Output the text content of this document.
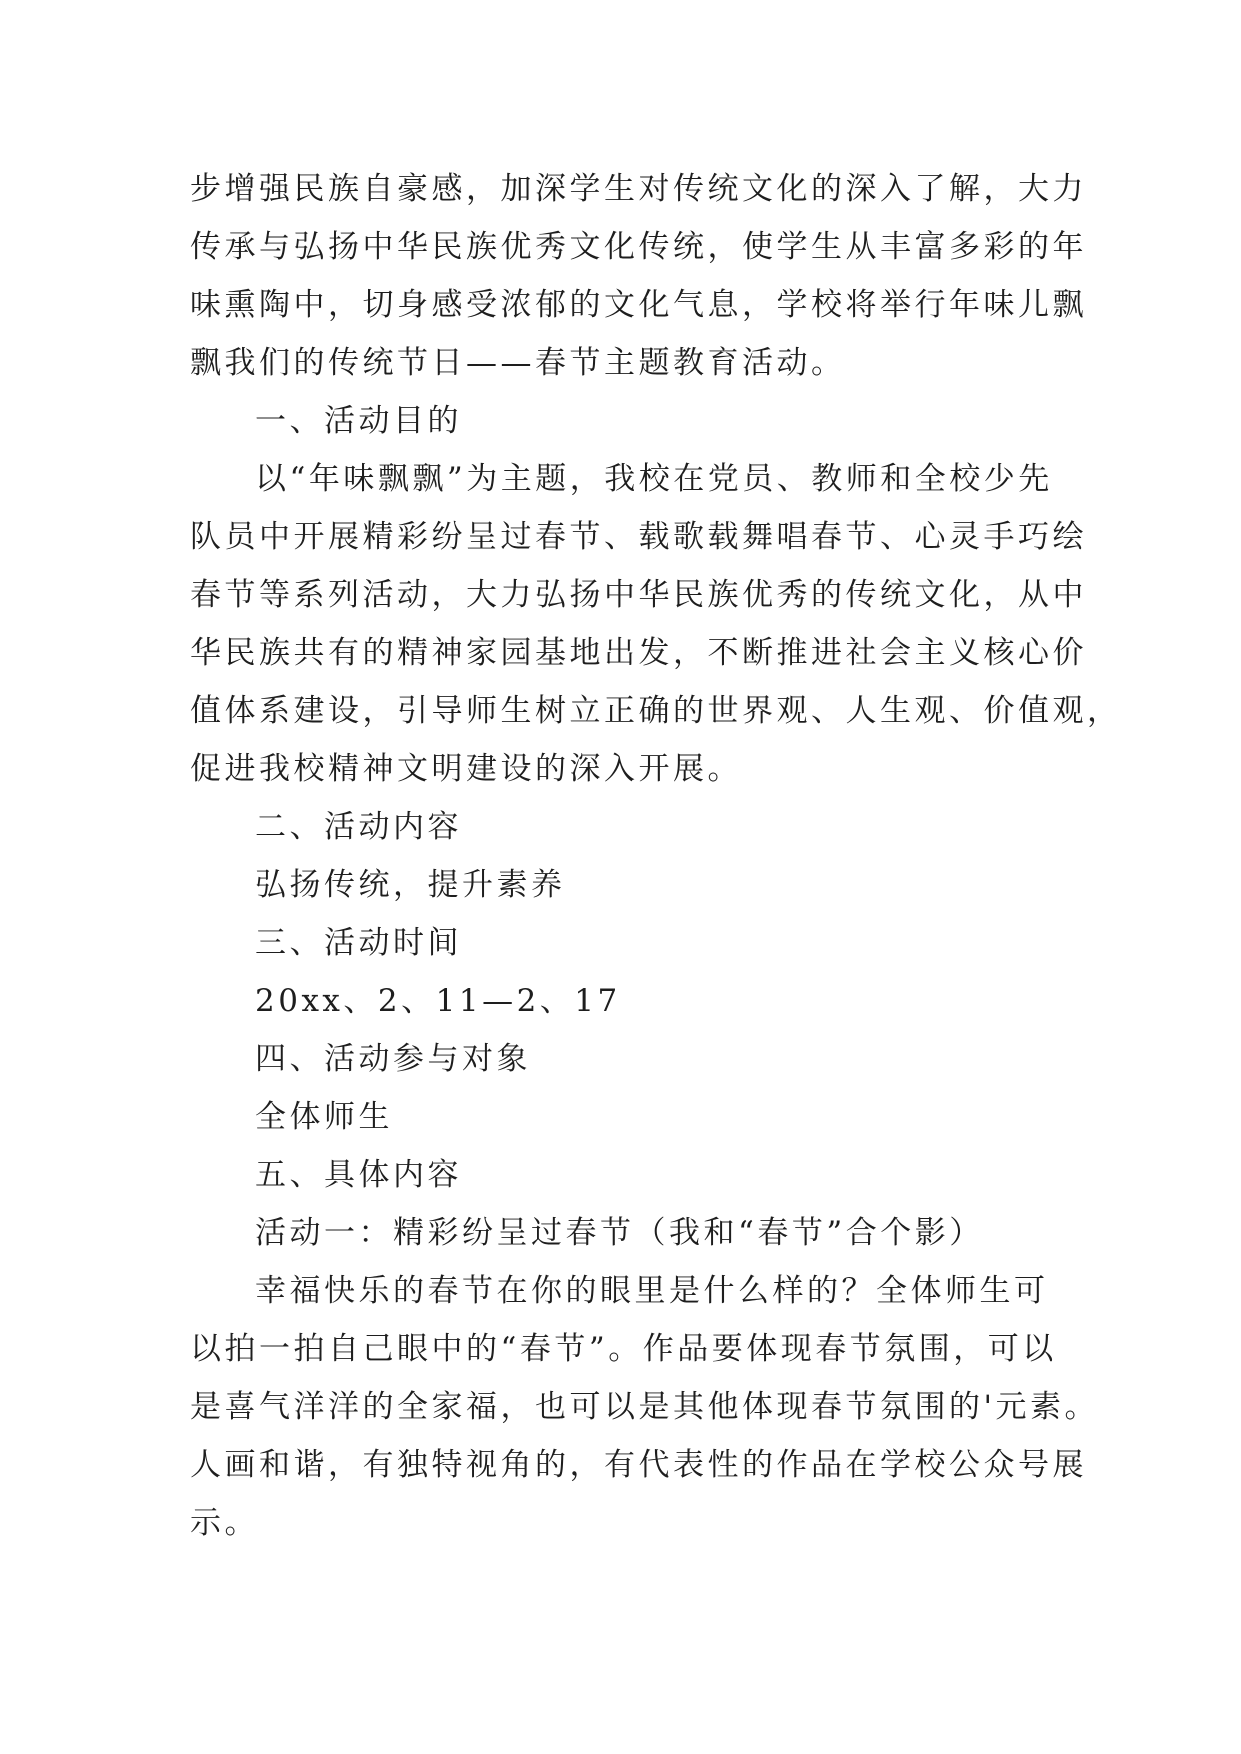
步增强民族自豪感，加深学生对传统文化的深入了解，大力
传承与弘扬中华民族优秀文化传统，使学生从丰富多彩的年
味熏陶中，切身感受浓郁的文化气息，学校将举行年味儿飘
飘我们的传统节日——春节主题教育活动。
一、活动目的
以“年味飘飘”为主题，我校在党员、教师和全校少先
队员中开展精彩纷呈过春节、载歌载舞唱春节、心灵手巧绘
春节等系列活动，大力弘扬中华民族优秀的传统文化，从中
华民族共有的精神家园基地出发，不断推进社会主义核心价
值体系建设，引导师生树立正确的世界观、人生观、价值观，
促进我校精神文明建设的深入开展。
二、活动内容
弘扬传统，提升素养
三、活动时间
20xx、2、11—2、17
四、活动参与对象
全体师生
五、具体内容
活动一：精彩纷呈过春节（我和“春节”合个影）
幸福快乐的春节在你的眼里是什么样的？全体师生可
以拍一拍自己眼中的“春节”。作品要体现春节氛围，可以
是喜气洋洋的全家福，也可以是其他体现春节氛围的'元素。
人画和谐，有独特视角的，有代表性的作品在学校公众号展
示。
